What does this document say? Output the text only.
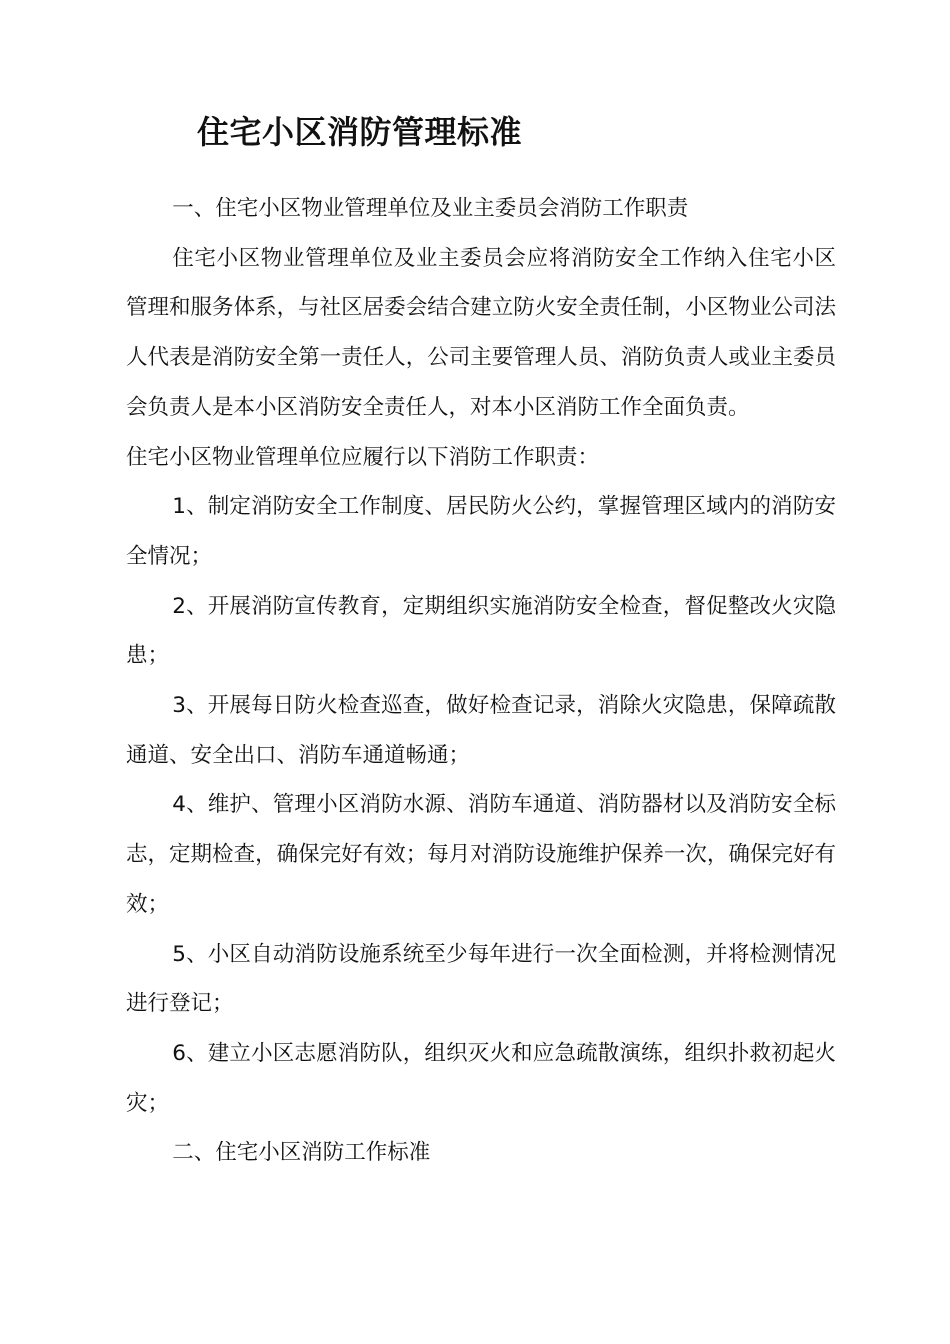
住宅小区消防管理标准

一、住宅小区物业管理单位及业主委员会消防工作职责

住宅小区物业管理单位及业主委员会应将消防安全工作纳入住宅小区管理和服务体系，与社区居委会结合建立防火安全责任制，小区物业公司法人代表是消防安全第一责任人，公司主要管理人员、消防负责人或业主委员会负责人是本小区消防安全责任人，对本小区消防工作全面负责。
住宅小区物业管理单位应履行以下消防工作职责：

1、制定消防安全工作制度、居民防火公约，掌握管理区域内的消防安全情况；

2、开展消防宣传教育，定期组织实施消防安全检查，督促整改火灾隐患；

3、开展每日防火检查巡查，做好检查记录，消除火灾隐患，保障疏散通道、安全出口、消防车通道畅通；

4、维护、管理小区消防水源、消防车通道、消防器材以及消防安全标志，定期检查，确保完好有效；每月对消防设施维护保养一次，确保完好有效；

5、小区自动消防设施系统至少每年进行一次全面检测，并将检测情况进行登记；

6、建立小区志愿消防队，组织灭火和应急疏散演练，组织扑救初起火灾；

二、住宅小区消防工作标准
